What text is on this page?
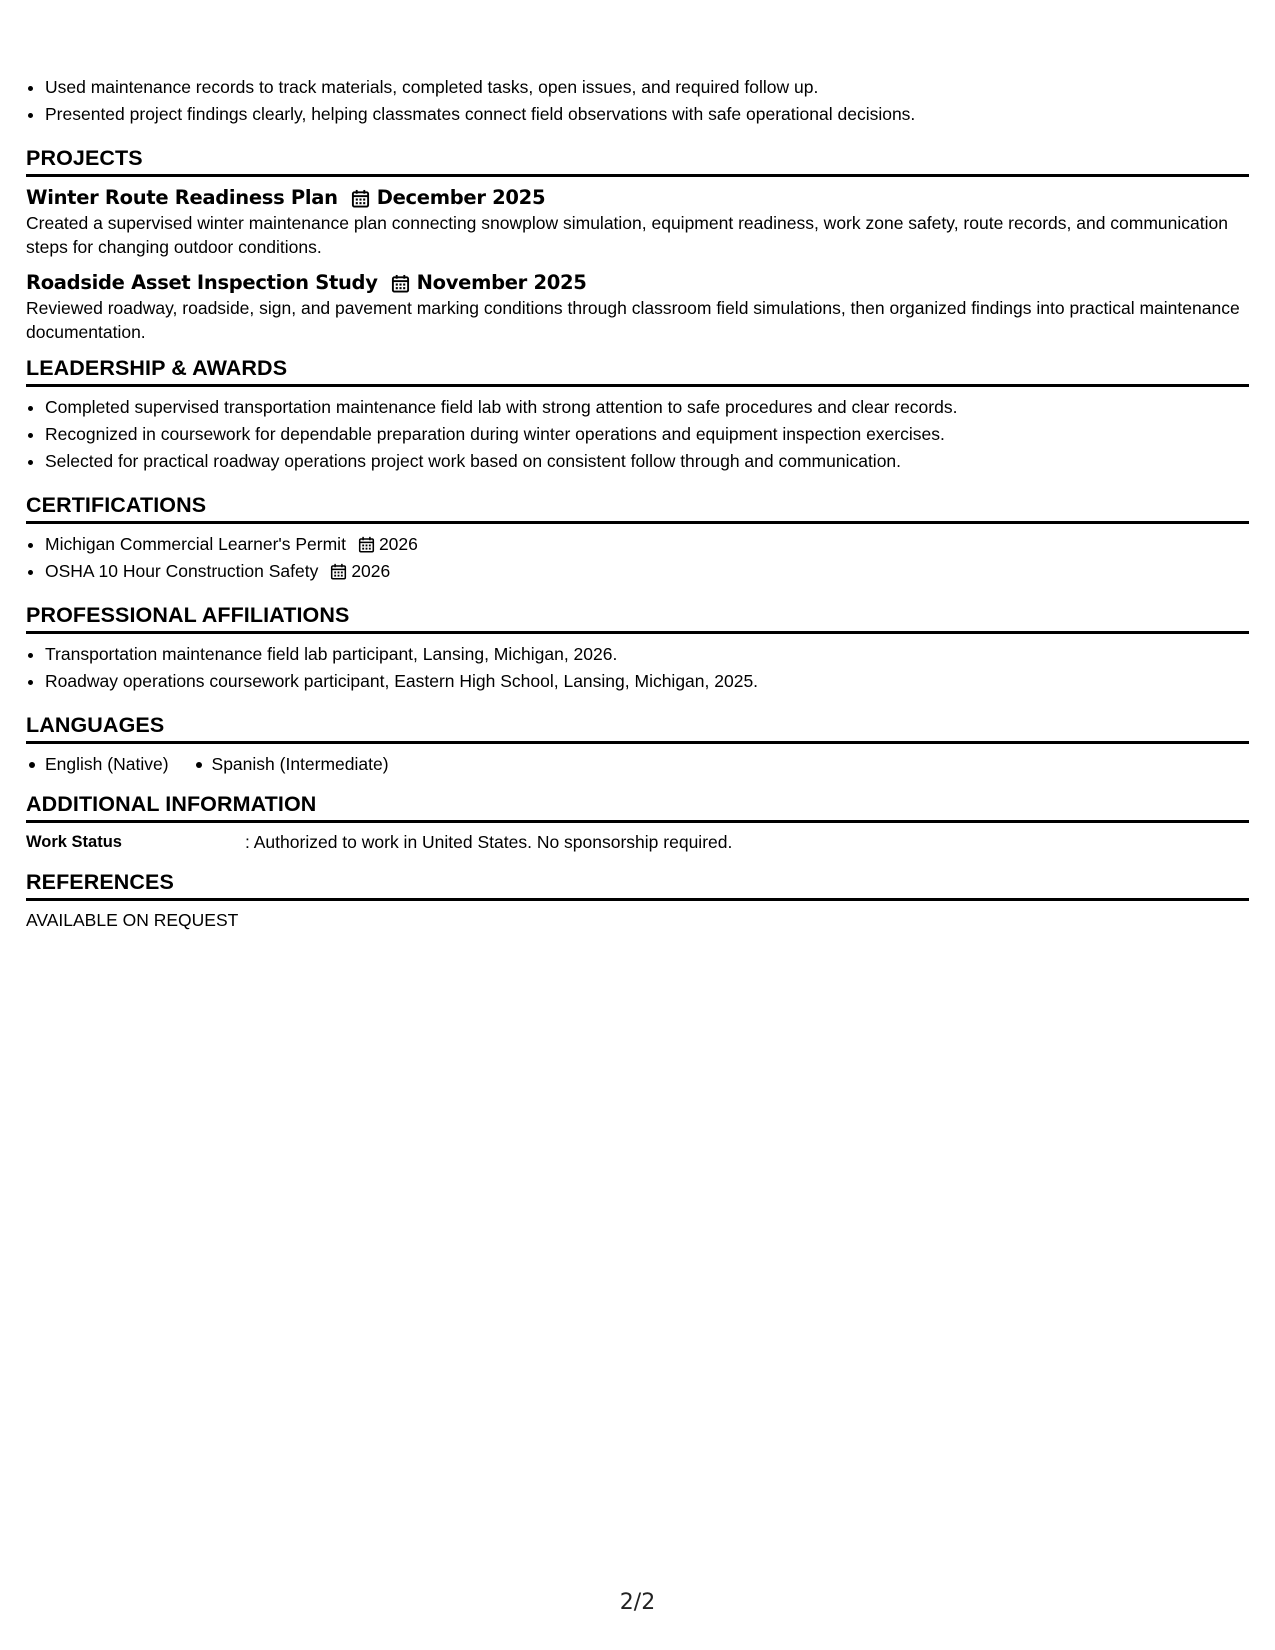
• Used maintenance records to track materials, completed tasks, open issues, and required follow up.
• Presented project findings clearly, helping classmates connect field observations with safe operational decisions.
PROJECTS
Winter Route Readiness Plan December 2025
Created a supervised winter maintenance plan connecting snowplow simulation, equipment readiness, work zone safety, route records, and communication steps for changing outdoor conditions.
Roadside Asset Inspection Study November 2025
Reviewed roadway, roadside, sign, and pavement marking conditions through classroom field simulations, then organized findings into practical maintenance documentation.
LEADERSHIP & AWARDS
• Completed supervised transportation maintenance field lab with strong attention to safe procedures and clear records.
• Recognized in coursework for dependable preparation during winter operations and equipment inspection exercises.
• Selected for practical roadway operations project work based on consistent follow through and communication.
CERTIFICATIONS
• Michigan Commercial Learner's Permit 2026
• OSHA 10 Hour Construction Safety 2026
PROFESSIONAL AFFILIATIONS
• Transportation maintenance field lab participant, Lansing, Michigan, 2026.
• Roadway operations coursework participant, Eastern High School, Lansing, Michigan, 2025.
LANGUAGES
English (Native)	Spanish (Intermediate)
ADDITIONAL INFORMATION
Work Status	: Authorized to work in United States. No sponsorship required.
REFERENCES
AVAILABLE ON REQUEST
2/2
